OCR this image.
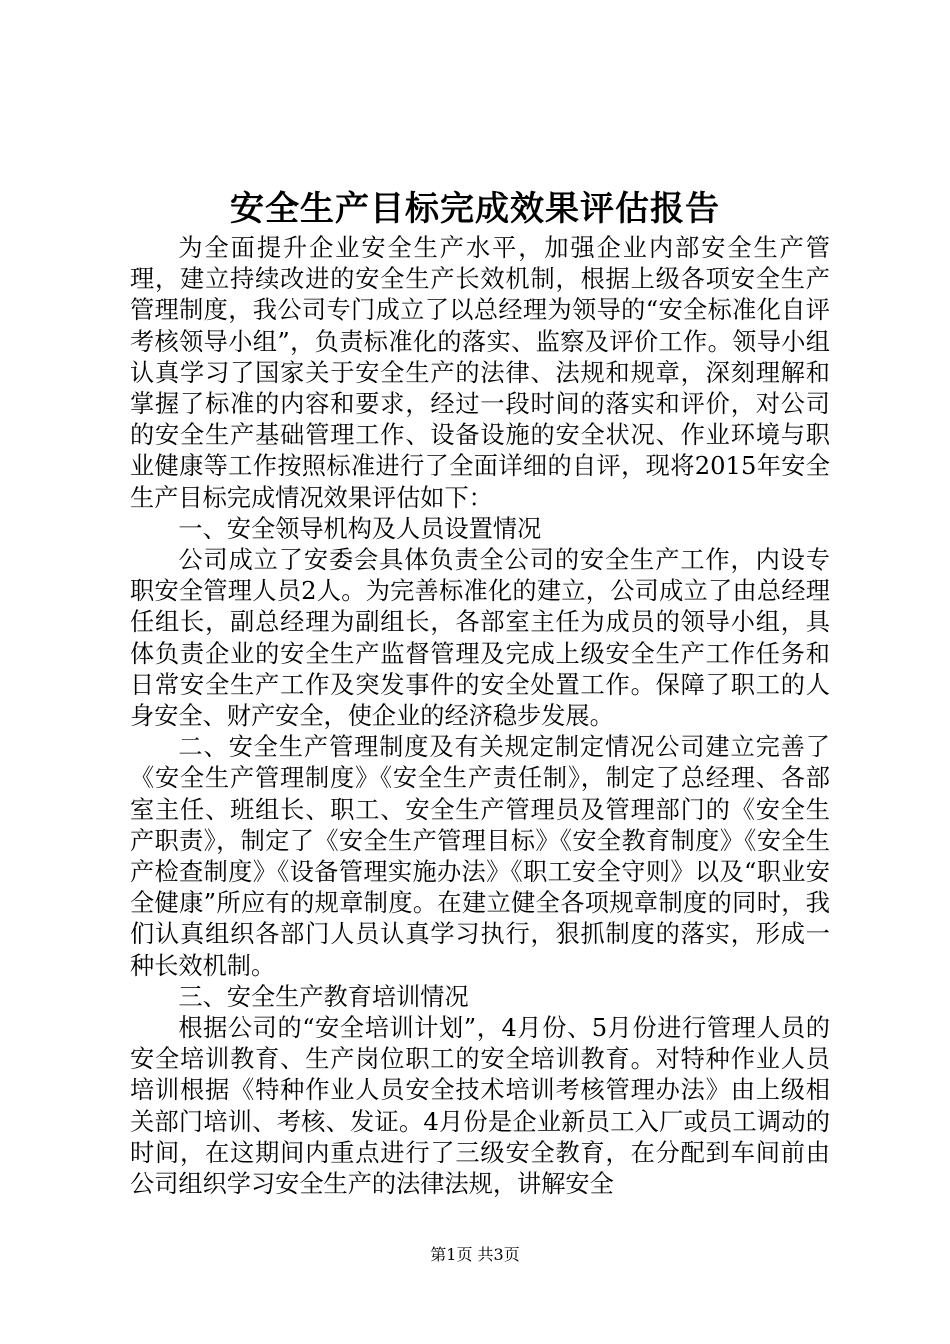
安全生产目标完成效果评估报告

为全面提升企业安全生产水平，加强企业内部安全生产管理，建立持续改进的安全生产长效机制，根据上级各项安全生产管理制度，我公司专门成立了以总经理为领导的“安全标准化自评考核领导小组”，负责标准化的落实、监察及评价工作。领导小组认真学习了国家关于安全生产的法律、法规和规章，深刻理解和掌握了标准的内容和要求，经过一段时间的落实和评价，对公司的安全生产基础管理工作、设备设施的安全状况、作业环境与职业健康等工作按照标准进行了全面详细的自评，现将2015年安全生产目标完成情况效果评估如下：

一、安全领导机构及人员设置情况

公司成立了安委会具体负责全公司的安全生产工作，内设专职安全管理人员2人。为完善标准化的建立，公司成立了由总经理任组长，副总经理为副组长，各部室主任为成员的领导小组，具体负责企业的安全生产监督管理及完成上级安全生产工作任务和日常安全生产工作及突发事件的安全处置工作。保障了职工的人身安全、财产安全，使企业的经济稳步发展。

二、安全生产管理制度及有关规定制定情况公司建立完善了《安全生产管理制度》《安全生产责任制》，制定了总经理、各部室主任、班组长、职工、安全生产管理员及管理部门的《安全生产职责》，制定了《安全生产管理目标》《安全教育制度》《安全生产检查制度》《设备管理实施办法》《职工安全守则》以及“职业安全健康”所应有的规章制度。在建立健全各项规章制度的同时，我们认真组织各部门人员认真学习执行，狠抓制度的落实，形成一种长效机制。

三、安全生产教育培训情况

根据公司的“安全培训计划”，4月份、5月份进行管理人员的安全培训教育、生产岗位职工的安全培训教育。对特种作业人员培训根据《特种作业人员安全技术培训考核管理办法》由上级相关部门培训、考核、发证。4月份是企业新员工入厂或员工调动的时间，在这期间内重点进行了三级安全教育，在分配到车间前由公司组织学习安全生产的法律法规，讲解安全

第1页 共3页
